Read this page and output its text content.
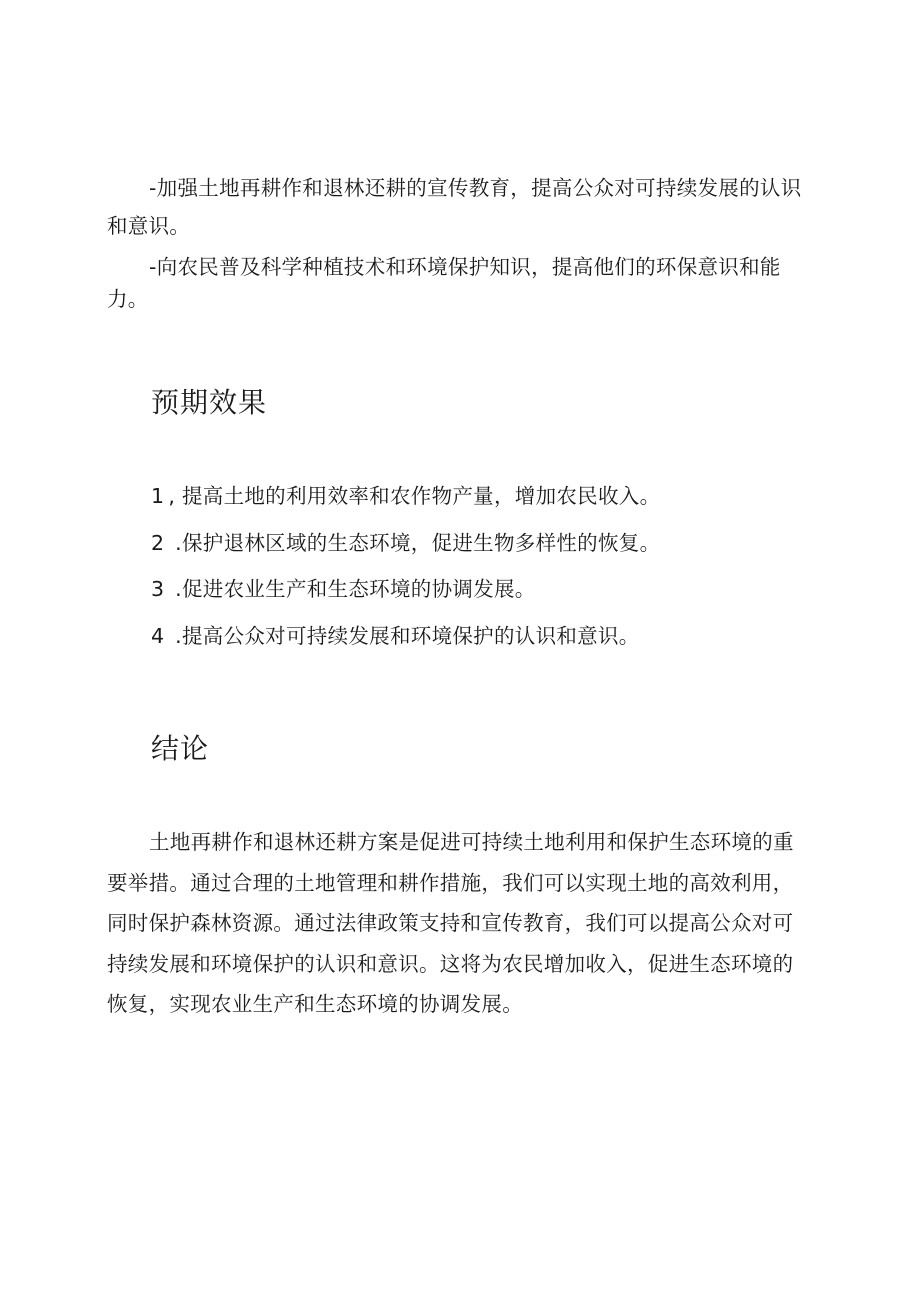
-加强土地再耕作和退林还耕的宣传教育，提高公众对可持续发展的认识和意识。

-向农民普及科学种植技术和环境保护知识，提高他们的环保意识和能力。

预期效果
1 , 提高土地的利用效率和农作物产量，增加农民收入。
2 .保护退林区域的生态环境，促进生物多样性的恢复。
3 .促进农业生产和生态环境的协调发展。
4 .提高公众对可持续发展和环境保护的认识和意识。
结论

土地再耕作和退林还耕方案是促进可持续土地利用和保护生态环境的重要举措。通过合理的土地管理和耕作措施，我们可以实现土地的高效利用，同时保护森林资源。通过法律政策支持和宣传教育，我们可以提高公众对可持续发展和环境保护的认识和意识。这将为农民增加收入，促进生态环境的恢复，实现农业生产和生态环境的协调发展。
